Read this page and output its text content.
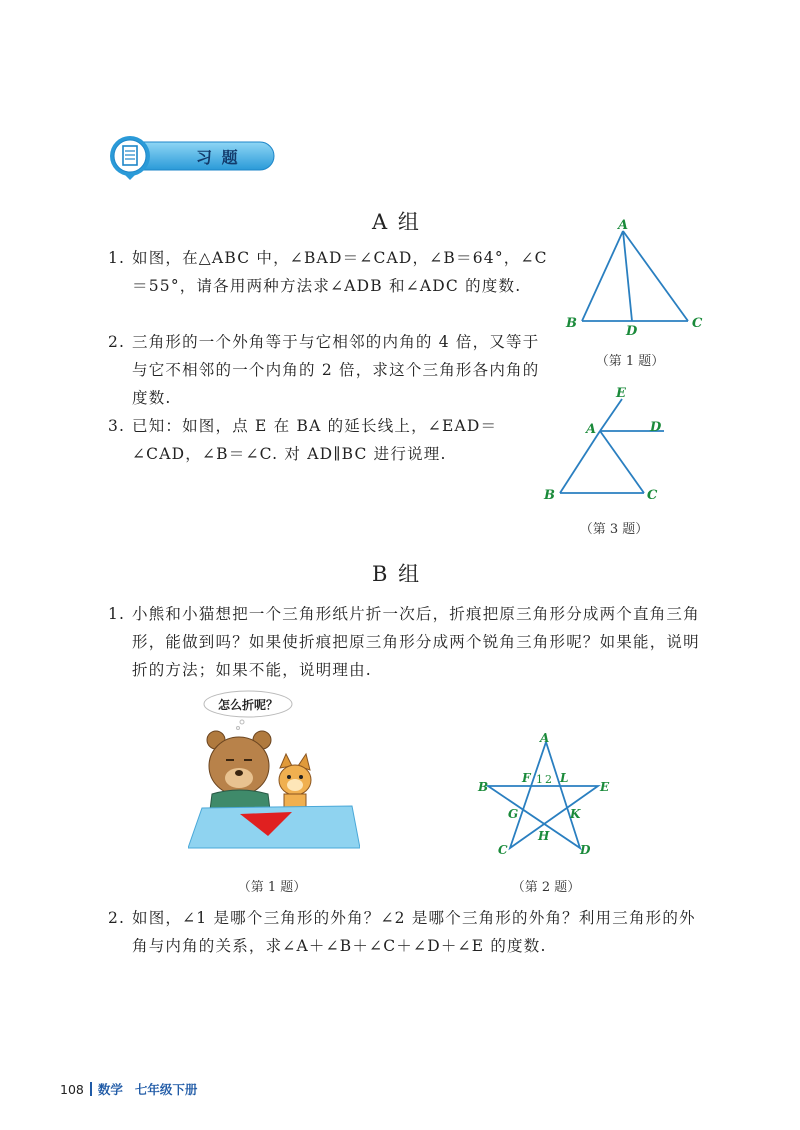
习 题
A 组
1. 如图，在△ABC 中，∠BAD＝∠CAD，∠B＝64°，∠C＝55°，请各用两种方法求∠ADB 和∠ADC 的度数.
2. 三角形的一个外角等于与它相邻的内角的 4 倍，又等于与它不相邻的一个内角的 2 倍，求这个三角形各内角的度数.
3. 已知：如图，点 E 在 BA 的延长线上，∠EAD＝∠CAD，∠B＝∠C. 对 AD∥BC 进行说理.
A
B	C
D
（第 1 题）
E
A	D
B	C
（第 3 题）
B 组
1. 小熊和小猫想把一个三角形纸片折一次后，折痕把原三角形分成两个直角三角形，能做到吗？如果使折痕把原三角形分成两个锐角三角形呢？如果能，说明折的方法；如果不能，说明理由.
怎么折呢？
（第 1 题）
A
B	E
C	D
F L
G	K
H
1 2
（第 2 题）
2. 如图，∠1 是哪个三角形的外角？∠2 是哪个三角形的外角？利用三角形的外角与内角的关系，求∠A＋∠B＋∠C＋∠D＋∠E 的度数.
108 数学 七年级下册
